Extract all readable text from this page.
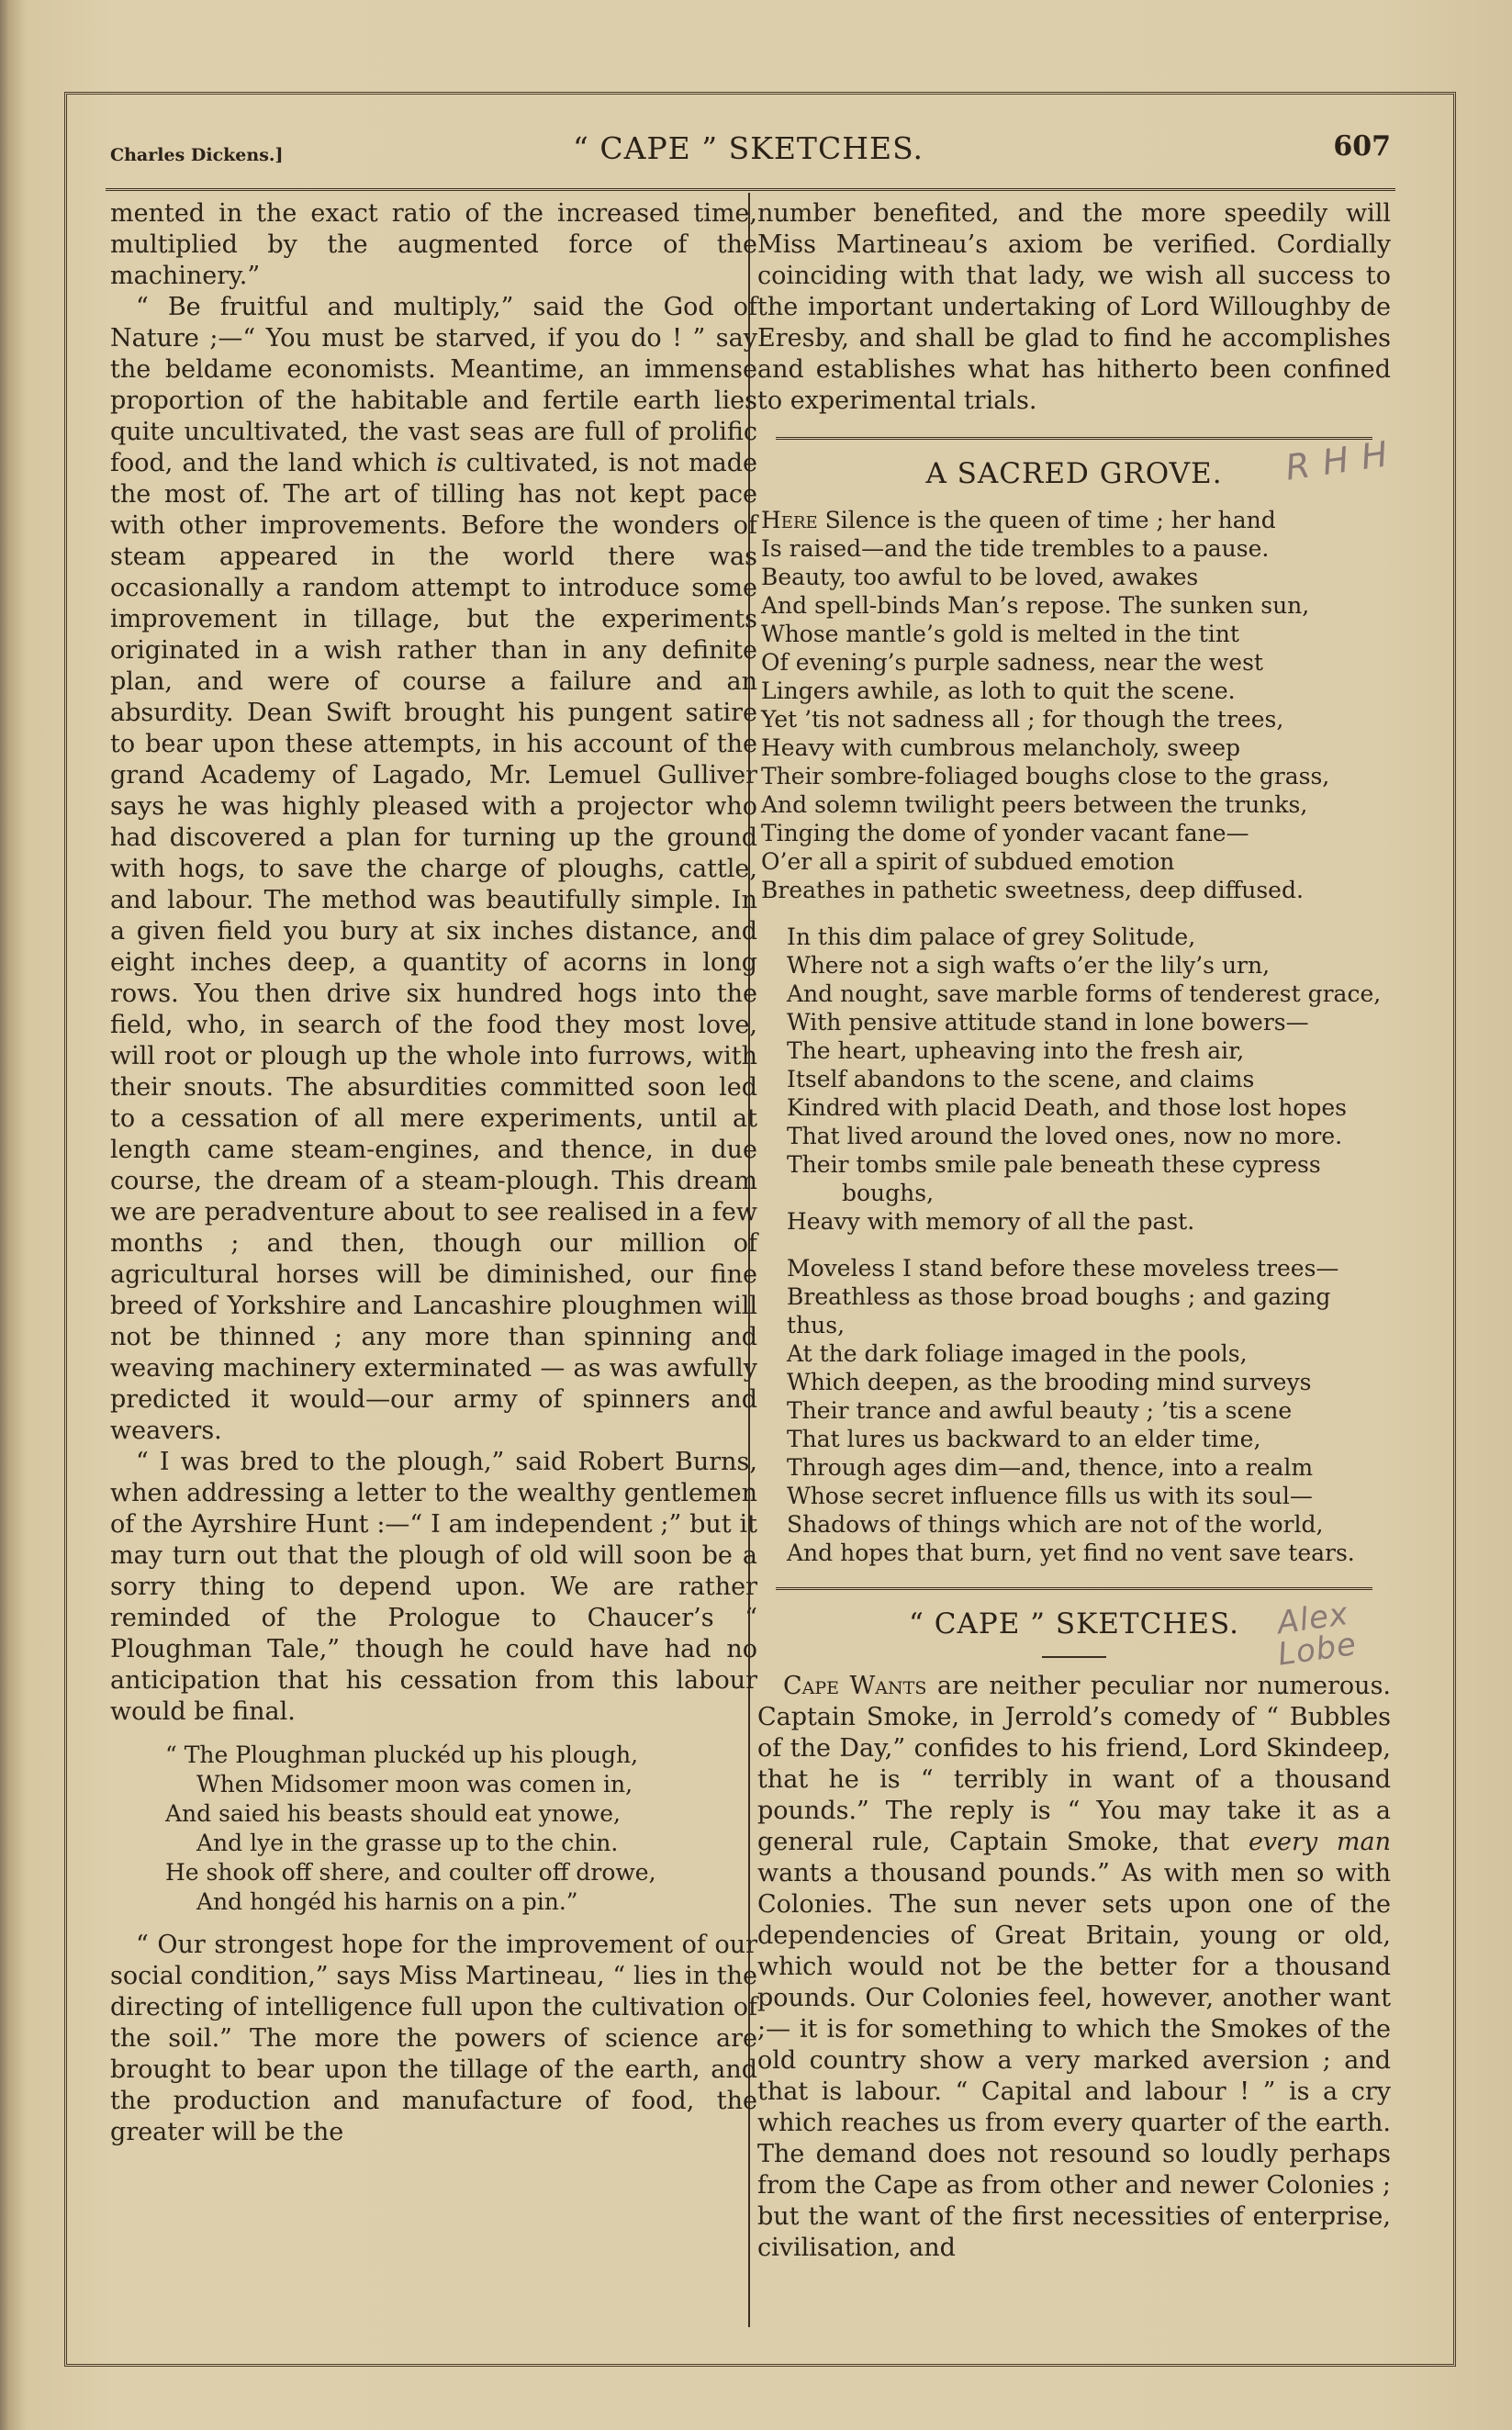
Charles Dickens.]	“ CAPE ” SKETCHES.	607

mented in the exact ratio of the increased time, multiplied by the augmented force of the machinery.”

“ Be fruitful and multiply,” said the God of Nature ;—“ You must be starved, if you do ! ” say the beldame economists. Meantime, an immense proportion of the habitable and fertile earth lies quite uncultivated, the vast seas are full of prolific food, and the land which is cultivated, is not made the most of. The art of tilling has not kept pace with other improvements. Before the wonders of steam appeared in the world there was occasionally a random attempt to introduce some improvement in tillage, but the experiments originated in a wish rather than in any definite plan, and were of course a failure and an absurdity. Dean Swift brought his pungent satire to bear upon these attempts, in his account of the grand Academy of Lagado, Mr. Lemuel Gulliver says he was highly pleased with a projector who had discovered a plan for turning up the ground with hogs, to save the charge of ploughs, cattle, and labour. The method was beautifully simple. In a given field you bury at six inches distance, and eight inches deep, a quantity of acorns in long rows. You then drive six hundred hogs into the field, who, in search of the food they most love, will root or plough up the whole into furrows, with their snouts. The absurdities committed soon led to a cessation of all mere experiments, until at length came steam-engines, and thence, in due course, the dream of a steam-plough. This dream we are peradventure about to see realised in a few months ; and then, though our million of agricultural horses will be diminished, our fine breed of Yorkshire and Lancashire ploughmen will not be thinned ; any more than spinning and weaving machinery exterminated — as was awfully predicted it would—our army of spinners and weavers.

“ I was bred to the plough,” said Robert Burns, when addressing a letter to the wealthy gentlemen of the Ayrshire Hunt :—“ I am independent ;” but it may turn out that the plough of old will soon be a sorry thing to depend upon. We are rather reminded of the Prologue to Chaucer’s “ Ploughman Tale,” though he could have had no anticipation that his cessation from this labour would be final.

“ The Ploughman pluckéd up his plough,
When Midsomer moon was comen in,
And saied his beasts should eat ynowe,
And lye in the grasse up to the chin.
He shook off shere, and coulter off drowe,
And hongéd his harnis on a pin.”

“ Our strongest hope for the improvement of our social condition,” says Miss Martineau, “ lies in the directing of intelligence full upon the cultivation of the soil.” The more the powers of science are brought to bear upon the tillage of the earth, and the production and manufacture of food, the greater will be the

number benefited, and the more speedily will Miss Martineau’s axiom be verified. Cordially coinciding with that lady, we wish all success to the important undertaking of Lord Willoughby de Eresby, and shall be glad to find he accomplishes and establishes what has hitherto been confined to experimental trials.

A SACRED GROVE. R H H
Here Silence is the queen of time ; her hand
Is raised—and the tide trembles to a pause.
Beauty, too awful to be loved, awakes
And spell-binds Man’s repose. The sunken sun,
Whose mantle’s gold is melted in the tint
Of evening’s purple sadness, near the west
Lingers awhile, as loth to quit the scene.
Yet ’tis not sadness all ; for though the trees,
Heavy with cumbrous melancholy, sweep
Their sombre-foliaged boughs close to the grass,
And solemn twilight peers between the trunks,
Tinging the dome of yonder vacant fane—
O’er all a spirit of subdued emotion
Breathes in pathetic sweetness, deep diffused.
In this dim palace of grey Solitude,
Where not a sigh wafts o’er the lily’s urn,
And nought, save marble forms of tenderest grace,
With pensive attitude stand in lone bowers—
The heart, upheaving into the fresh air,
Itself abandons to the scene, and claims
Kindred with placid Death, and those lost hopes
That lived around the loved ones, now no more.
Their tombs smile pale beneath these cypress
boughs,
Heavy with memory of all the past.
Moveless I stand before these moveless trees—
Breathless as those broad boughs ; and gazing thus,
At the dark foliage imaged in the pools,
Which deepen, as the brooding mind surveys
Their trance and awful beauty ; ’tis a scene
That lures us backward to an elder time,
Through ages dim—and, thence, into a realm
Whose secret influence fills us with its soul—
Shadows of things which are not of the world,
And hopes that burn, yet find no vent save tears.
“ CAPE ” SKETCHES.	Alex Lobe

Cape Wants are neither peculiar nor numerous. Captain Smoke, in Jerrold’s comedy of “ Bubbles of the Day,” confides to his friend, Lord Skindeep, that he is “ terribly in want of a thousand pounds.” The reply is “ You may take it as a general rule, Captain Smoke, that every man wants a thousand pounds.” As with men so with Colonies. The sun never sets upon one of the dependencies of Great Britain, young or old, which would not be the better for a thousand pounds. Our Colonies feel, however, another want ;— it is for something to which the Smokes of the old country show a very marked aversion ; and that is labour. “ Capital and labour ! ” is a cry which reaches us from every quarter of the earth. The demand does not resound so loudly perhaps from the Cape as from other and newer Colonies ; but the want of the first necessities of enterprise, civilisation, and
